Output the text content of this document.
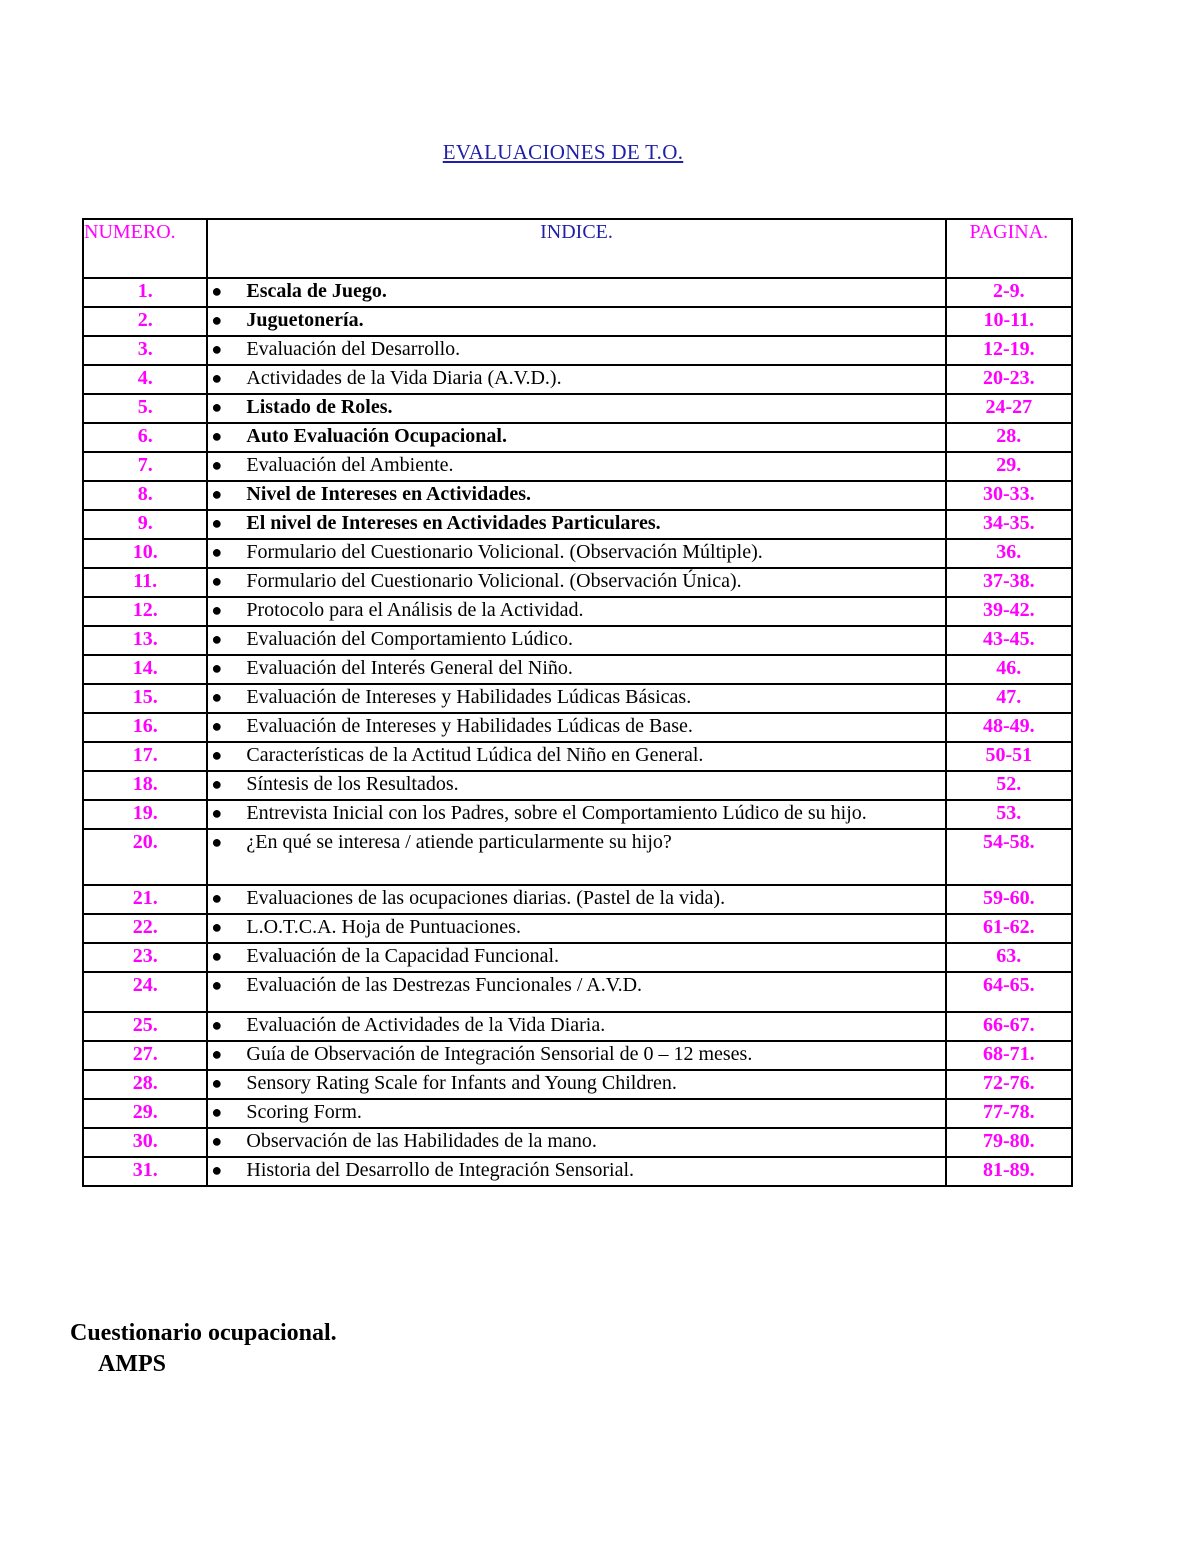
EVALUACIONES DE T.O.
NUMERO.	INDICE.	PAGINA.
1.	● Escala de Juego.	2-9.
2.	● Juguetonería.	10-11.
3.	● Evaluación del Desarrollo.	12-19.
4.	● Actividades de la Vida Diaria (A.V.D.).	20-23.
5.	● Listado de Roles.	24-27
6.	● Auto Evaluación Ocupacional.	28.
7.	● Evaluación del Ambiente.	29.
8.	● Nivel de Intereses en Actividades.	30-33.
9.	● El nivel de Intereses en Actividades Particulares.	34-35.
10.	● Formulario del Cuestionario Volicional. (Observación Múltiple).	36.
11.	● Formulario del Cuestionario Volicional. (Observación Única).	37-38.
12.	● Protocolo para el Análisis de la Actividad.	39-42.
13.	● Evaluación del Comportamiento Lúdico.	43-45.
14.	● Evaluación del Interés General del Niño.	46.
15.	● Evaluación de Intereses y Habilidades Lúdicas Básicas.	47.
16.	● Evaluación de Intereses y Habilidades Lúdicas de Base.	48-49.
17.	● Características de la Actitud Lúdica del Niño en General.	50-51
18.	● Síntesis de los Resultados.	52.
19.	● Entrevista Inicial con los Padres, sobre el Comportamiento Lúdico de su hijo.	53.
20.	● ¿En qué se interesa / atiende particularmente su hijo?	54-58.
21.	● Evaluaciones de las ocupaciones diarias. (Pastel de la vida).	59-60.
22.	● L.O.T.C.A. Hoja de Puntuaciones.	61-62.
23.	● Evaluación de la Capacidad Funcional.	63.
24.	● Evaluación de las Destrezas Funcionales / A.V.D.	64-65.
25.	● Evaluación de Actividades de la Vida Diaria.	66-67.
27.	● Guía de Observación de Integración Sensorial de 0 – 12 meses.	68-71.
28.	● Sensory Rating Scale for Infants and Young Children.	72-76.
29.	● Scoring Form.	77-78.
30.	● Observación de las Habilidades de la mano.	79-80.
31.	● Historia del Desarrollo de Integración Sensorial.	81-89.
Cuestionario ocupacional.
AMPS
